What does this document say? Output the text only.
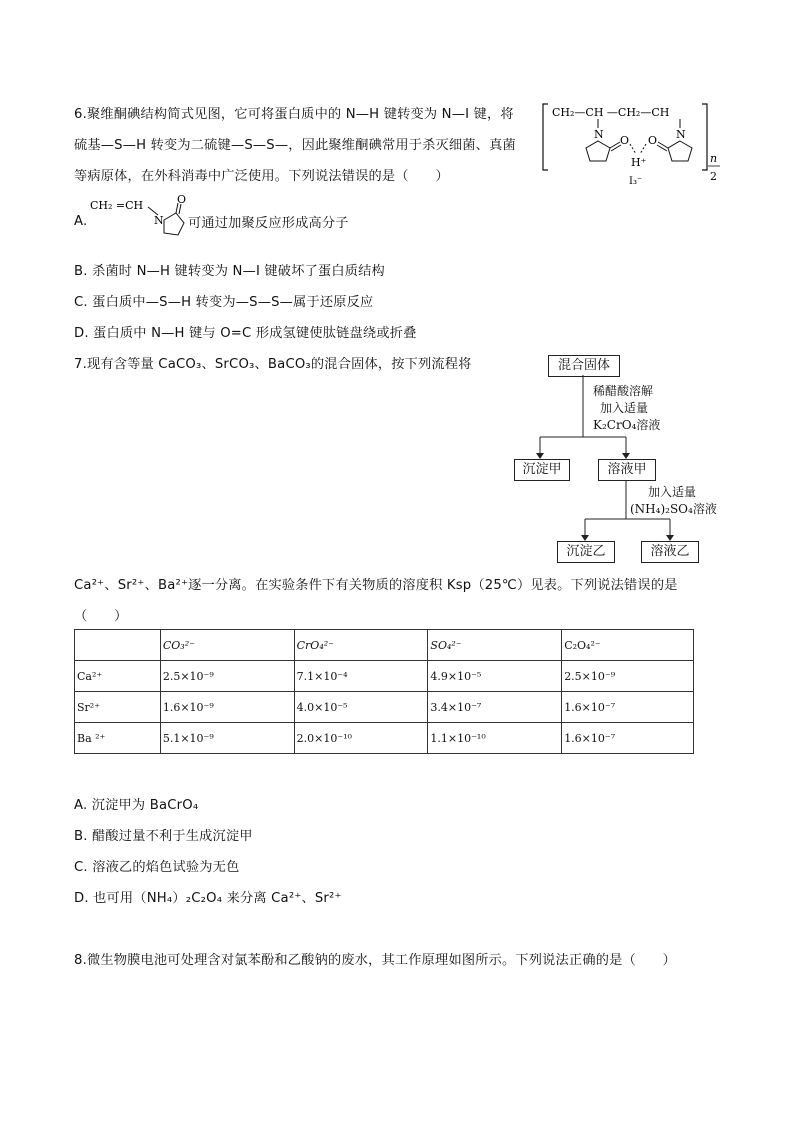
6.聚维酮碘结构简式见图，它可将蛋白质中的 N—H 键转变为 N—I 键，将
硫基—S—H 转变为二硫键—S—S—，因此聚维酮碘常用于杀灭细菌、真菌
等病原体，在外科消毒中广泛使用。下列说法错误的是（　　）
CH₂—CH —CH₂—CH
N O	N
O
H⁺
I₃⁻
n
2
A.
CH₂ =CH
N
O
可通过加聚反应形成高分子
B. 杀菌时 N—H 键转变为 N—I 键破坏了蛋白质结构
C. 蛋白质中—S—H 转变为—S—S—属于还原反应
D. 蛋白质中 N—H 键与 O=C 形成氢键使肽链盘绕或折叠
7.现有含等量 CaCO₃、SrCO₃、BaCO₃的混合固体，按下列流程将	混合固体
稀醋酸溶解
加入适量
K₂CrO₄溶液
沉淀甲	溶液甲
加入适量
(NH₄)₂SO₄溶液
沉淀乙	溶液乙
Ca²⁺、Sr²⁺、Ba²⁺逐一分离。在实验条件下有关物质的溶度积 Ksp（25℃）见表。下列说法错误的是
（　　）
	CO₃²⁻	CrO₄²⁻	SO₄²⁻	C₂O₄²⁻
Ca²⁺	2.5×10⁻⁹	7.1×10⁻⁴	4.9×10⁻⁵	2.5×10⁻⁹
Sr²⁺	1.6×10⁻⁹	4.0×10⁻⁵	3.4×10⁻⁷	1.6×10⁻⁷
Ba ²⁺	5.1×10⁻⁹	2.0×10⁻¹⁰	1.1×10⁻¹⁰	1.6×10⁻⁷
A. 沉淀甲为 BaCrO₄
B. 醋酸过量不利于生成沉淀甲
C. 溶液乙的焰色试验为无色
D. 也可用（NH₄）₂C₂O₄ 来分离 Ca²⁺、Sr²⁺
8.微生物膜电池可处理含对氯苯酚和乙酸钠的废水，其工作原理如图所示。下列说法正确的是（　　）
